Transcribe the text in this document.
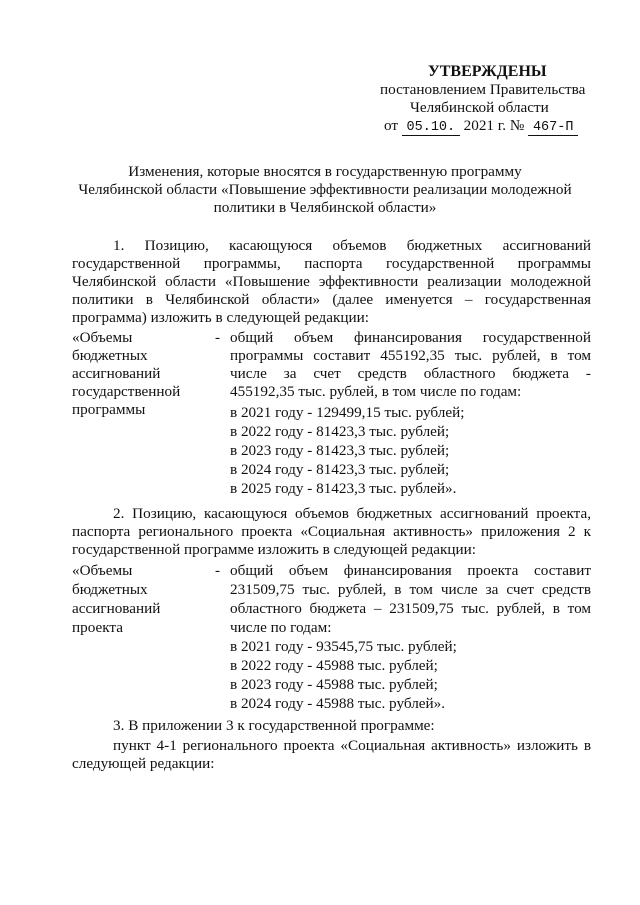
УТВЕРЖДЕНЫ
постановлением Правительства
Челябинской области
от 05.10. 2021 г. № 467-П
Изменения, которые вносятся в государственную программу
Челябинской области «Повышение эффективности реализации молодежной
политики в Челябинской области»
1. Позицию, касающуюся объемов бюджетных ассигнований
государственной программы, паспорта государственной программы
Челябинской области «Повышение эффективности реализации молодежной
политики в Челябинской области» (далее именуется – государственная
программа) изложить в следующей редакции:
«Объемы
бюджетных
ассигнований
государственной
программы
- общий объем финансирования государственной
программы составит 455192,35 тыс. рублей, в том
числе за счет средств областного бюджета -
455192,35 тыс. рублей, в том числе по годам:
в 2021 году - 129499,15 тыс. рублей;
в 2022 году - 81423,3 тыс. рублей;
в 2023 году - 81423,3 тыс. рублей;
в 2024 году - 81423,3 тыс. рублей;
в 2025 году - 81423,3 тыс. рублей».
2. Позицию, касающуюся объемов бюджетных ассигнований проекта,
паспорта регионального проекта «Социальная активность» приложения 2 к
государственной программе изложить в следующей редакции:
«Объемы
бюджетных
ассигнований
проекта
- общий объем финансирования проекта составит
231509,75 тыс. рублей, в том числе за счет средств
областного бюджета – 231509,75 тыс. рублей, в том
числе по годам:
в 2021 году - 93545,75 тыс. рублей;
в 2022 году - 45988 тыс. рублей;
в 2023 году - 45988 тыс. рублей;
в 2024 году - 45988 тыс. рублей».
3. В приложении 3 к государственной программе:
пункт 4-1 регионального проекта «Социальная активность» изложить в
следующей редакции:
